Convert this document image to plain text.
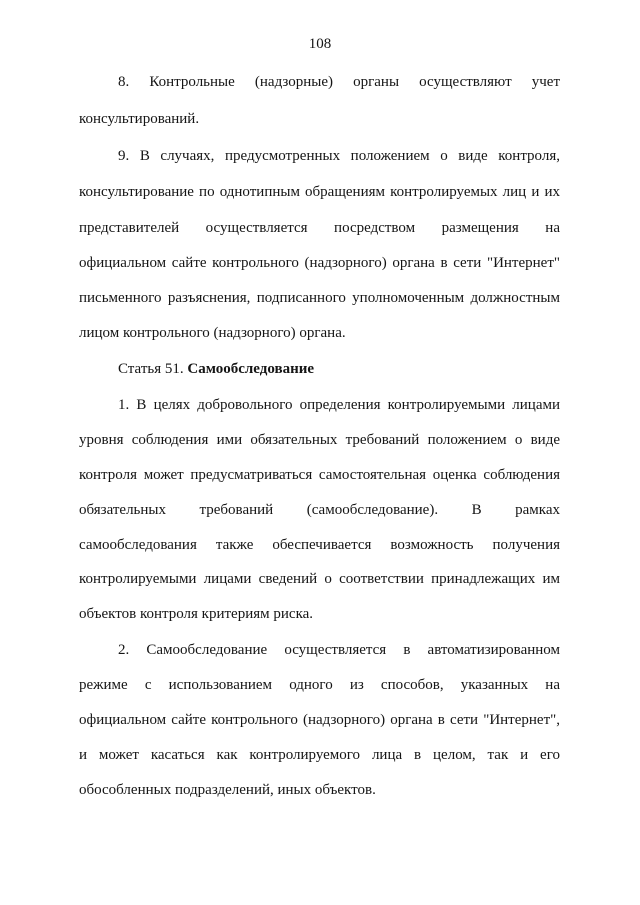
108
8. Контрольные (надзорные) органы осуществляют учет
консультирований.
9. В случаях, предусмотренных положением о виде контроля,
консультирование по однотипным обращениям контролируемых лиц и их
представителей осуществляется посредством размещения на
официальном сайте контрольного (надзорного) органа в сети "Интернет"
письменного разъяснения, подписанного уполномоченным должностным
лицом контрольного (надзорного) органа.
Статья 51. Самообследование
1. В целях добровольного определения контролируемыми лицами
уровня соблюдения ими обязательных требований положением о виде
контроля может предусматриваться самостоятельная оценка соблюдения
обязательных требований (самообследование). В рамках
самообследования также обеспечивается возможность получения
контролируемыми лицами сведений о соответствии принадлежащих им
объектов контроля критериям риска.
2. Самообследование осуществляется в автоматизированном
режиме с использованием одного из способов, указанных на
официальном сайте контрольного (надзорного) органа в сети "Интернет",
и может касаться как контролируемого лица в целом, так и его
обособленных подразделений, иных объектов.
